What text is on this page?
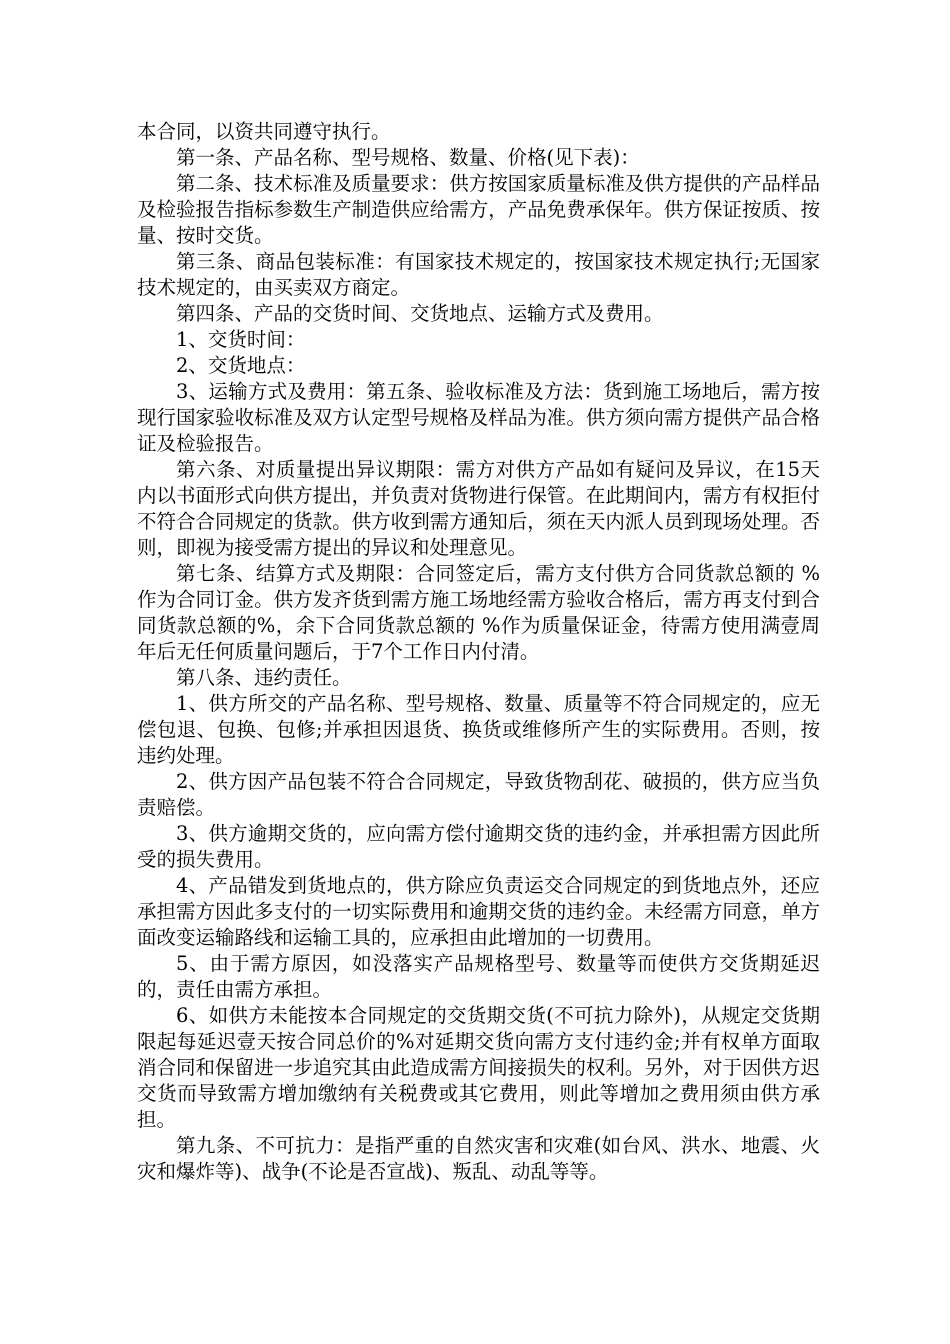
本合同，以资共同遵守执行。

第一条、产品名称、型号规格、数量、价格(见下表)：

第二条、技术标准及质量要求：供方按国家质量标准及供方提供的产品样品及检验报告指标参数生产制造供应给需方，产品免费承保年。供方保证按质、按量、按时交货。

第三条、商品包装标准：有国家技术规定的，按国家技术规定执行;无国家技术规定的，由买卖双方商定。

第四条、产品的交货时间、交货地点、运输方式及费用。

1、交货时间：

2、交货地点：

3、运输方式及费用：第五条、验收标准及方法：货到施工场地后，需方按现行国家验收标准及双方认定型号规格及样品为准。供方须向需方提供产品合格证及检验报告。

第六条、对质量提出异议期限：需方对供方产品如有疑问及异议，在15天内以书面形式向供方提出，并负责对货物进行保管。在此期间内，需方有权拒付不符合合同规定的货款。供方收到需方通知后，须在天内派人员到现场处理。否则，即视为接受需方提出的异议和处理意见。

第七条、结算方式及期限：合同签定后，需方支付供方合同货款总额的 %作为合同订金。供方发齐货到需方施工场地经需方验收合格后，需方再支付到合同货款总额的%，余下合同货款总额的 %作为质量保证金，待需方使用满壹周年后无任何质量问题后，于7个工作日内付清。

第八条、违约责任。

1、供方所交的产品名称、型号规格、数量、质量等不符合同规定的，应无偿包退、包换、包修;并承担因退货、换货或维修所产生的实际费用。否则，按违约处理。

2、供方因产品包装不符合合同规定，导致货物刮花、破损的，供方应当负责赔偿。

3、供方逾期交货的，应向需方偿付逾期交货的违约金，并承担需方因此所受的损失费用。

4、产品错发到货地点的，供方除应负责运交合同规定的到货地点外，还应承担需方因此多支付的一切实际费用和逾期交货的违约金。未经需方同意，单方面改变运输路线和运输工具的，应承担由此增加的一切费用。

5、由于需方原因，如没落实产品规格型号、数量等而使供方交货期延迟的，责任由需方承担。

6、如供方未能按本合同规定的交货期交货(不可抗力除外)，从规定交货期限起每延迟壹天按合同总价的%对延期交货向需方支付违约金;并有权单方面取消合同和保留进一步追究其由此造成需方间接损失的权利。另外，对于因供方迟交货而导致需方增加缴纳有关税费或其它费用，则此等增加之费用须由供方承担。

第九条、不可抗力：是指严重的自然灾害和灾难(如台风、洪水、地震、火灾和爆炸等)、战争(不论是否宣战)、叛乱、动乱等等。
